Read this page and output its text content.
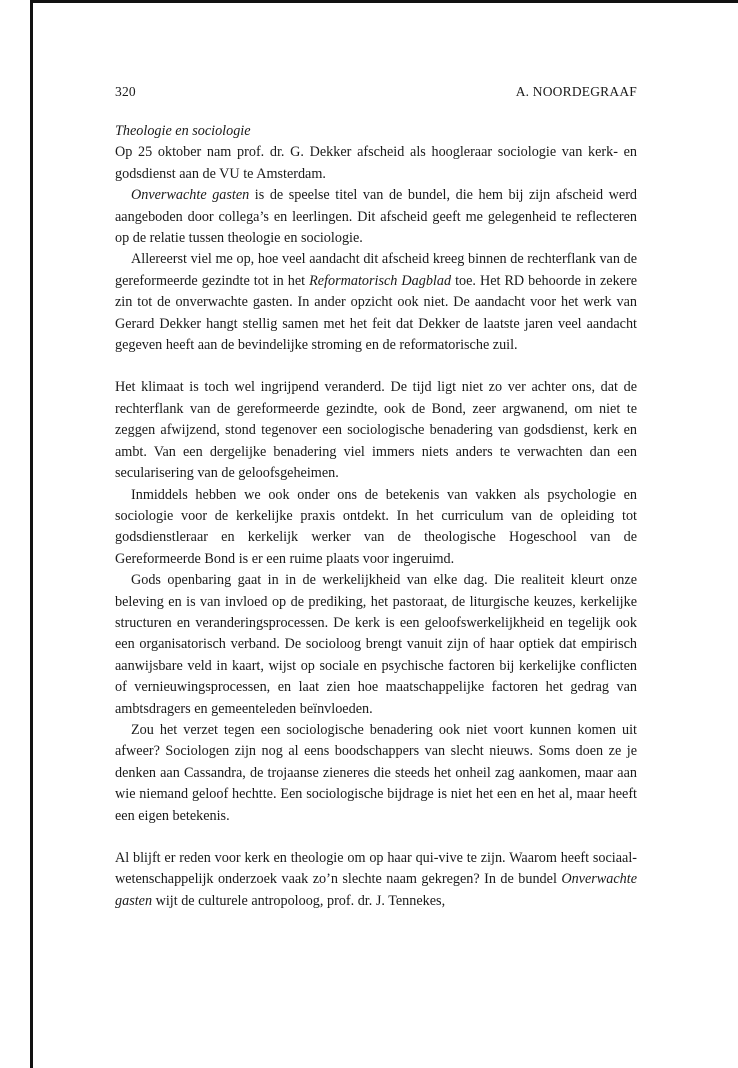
320	A. NOORDEGRAAF

Theologie en sociologie

Op 25 oktober nam prof. dr. G. Dekker afscheid als hoogleraar sociologie van kerk- en godsdienst aan de VU te Amsterdam.

Onverwachte gasten is de speelse titel van de bundel, die hem bij zijn afscheid werd aangeboden door collega’s en leerlingen. Dit afscheid geeft me gelegenheid te reflecteren op de relatie tussen theologie en sociologie.

Allereerst viel me op, hoe veel aandacht dit afscheid kreeg binnen de rechterflank van de gereformeerde gezindte tot in het Reformatorisch Dagblad toe. Het RD behoorde in zekere zin tot de onverwachte gasten. In ander opzicht ook niet. De aandacht voor het werk van Gerard Dekker hangt stellig samen met het feit dat Dekker de laatste jaren veel aandacht gegeven heeft aan de bevindelijke stroming en de reformatorische zuil.

Het klimaat is toch wel ingrijpend veranderd. De tijd ligt niet zo ver achter ons, dat de rechterflank van de gereformeerde gezindte, ook de Bond, zeer argwanend, om niet te zeggen afwijzend, stond tegenover een sociologische benadering van godsdienst, kerk en ambt. Van een dergelijke benadering viel immers niets anders te verwachten dan een secularisering van de geloofsgeheimen.

Inmiddels hebben we ook onder ons de betekenis van vakken als psychologie en sociologie voor de kerkelijke praxis ontdekt. In het curriculum van de opleiding tot godsdienstleraar en kerkelijk werker van de theologische Hogeschool van de Gereformeerde Bond is er een ruime plaats voor ingeruimd.

Gods openbaring gaat in in de werkelijkheid van elke dag. Die realiteit kleurt onze beleving en is van invloed op de prediking, het pastoraat, de liturgische keuzes, kerkelijke structuren en veranderingsprocessen. De kerk is een geloofswerkelijkheid en tegelijk ook een organisatorisch verband. De socioloog brengt vanuit zijn of haar optiek dat empirisch aanwijsbare veld in kaart, wijst op sociale en psychische factoren bij kerkelijke conflicten of vernieuwingsprocessen, en laat zien hoe maatschappelijke factoren het gedrag van ambtsdragers en gemeenteleden beïnvloeden.

Zou het verzet tegen een sociologische benadering ook niet voort kunnen komen uit afweer? Sociologen zijn nog al eens boodschappers van slecht nieuws. Soms doen ze je denken aan Cassandra, de trojaanse zieneres die steeds het onheil zag aankomen, maar aan wie niemand geloof hechtte. Een sociologische bijdrage is niet het een en het al, maar heeft een eigen betekenis.

Al blijft er reden voor kerk en theologie om op haar qui-vive te zijn. Waarom heeft sociaal-wetenschappelijk onderzoek vaak zo’n slechte naam gekregen? In de bundel Onverwachte gasten wijt de culturele antropoloog, prof. dr. J. Tennekes,
